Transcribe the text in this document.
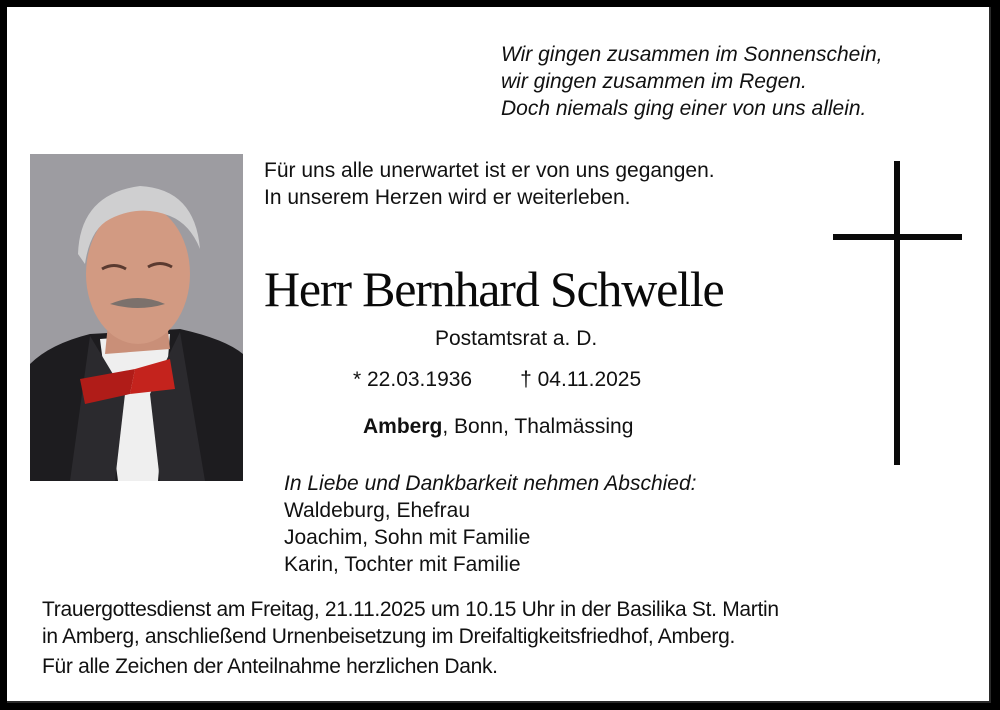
Wir gingen zusammen im Sonnenschein,
wir gingen zusammen im Regen.
Doch niemals ging einer von uns allein.
Für uns alle unerwartet ist er von uns gegangen.
In unserem Herzen wird er weiterleben.
Herr Bernhard Schwelle
Postamtsrat a. D.
* 22.03.1936 † 04.11.2025
Amberg, Bonn, Thalmässing
In Liebe und Dankbarkeit nehmen Abschied:
Waldeburg, Ehefrau
Joachim, Sohn mit Familie
Karin, Tochter mit Familie
Trauergottesdienst am Freitag, 21.11.2025 um 10.15 Uhr in der Basilika St. Martin
in Amberg, anschließend Urnenbeisetzung im Dreifaltigkeitsfriedhof, Amberg.
Für alle Zeichen der Anteilnahme herzlichen Dank.
